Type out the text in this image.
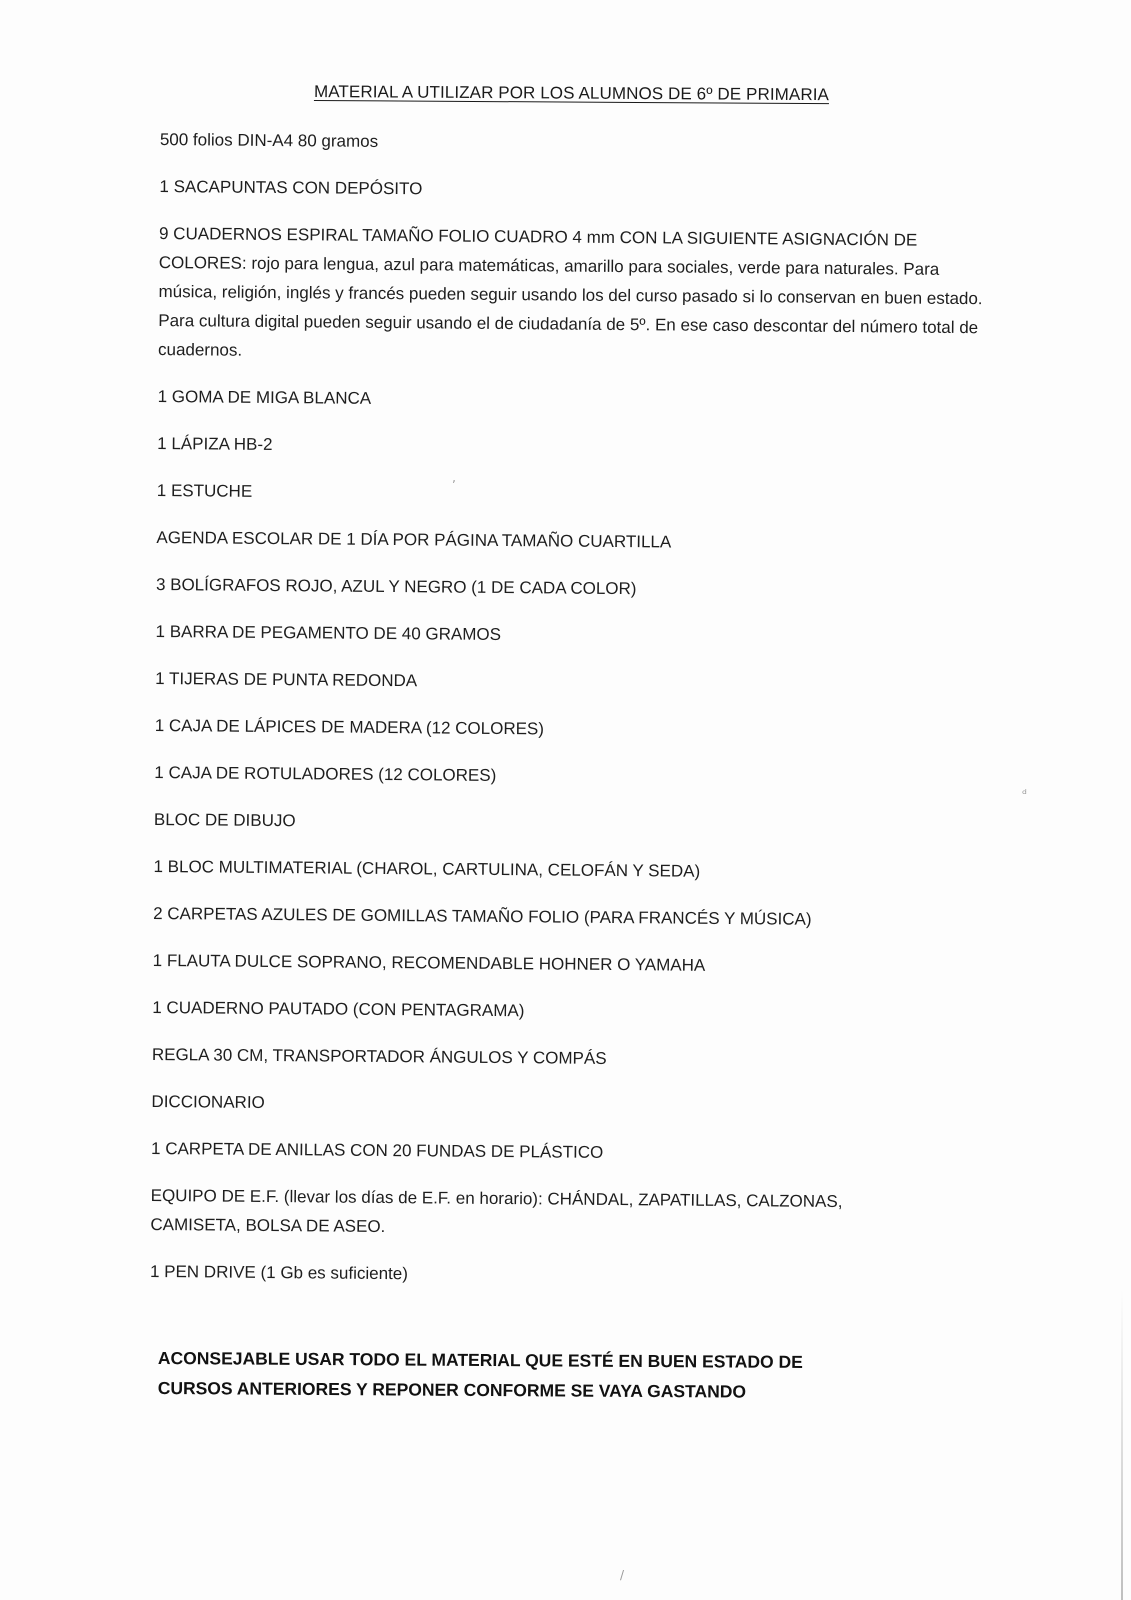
MATERIAL A UTILIZAR POR LOS ALUMNOS DE 6º DE PRIMARIA
500 folios DIN-A4 80 gramos
1 SACAPUNTAS CON DEPÓSITO
9 CUADERNOS ESPIRAL TAMAÑO FOLIO CUADRO 4 mm CON LA SIGUIENTE ASIGNACIÓN DE COLORES: rojo para lengua, azul para matemáticas, amarillo para sociales, verde para naturales. Para música, religión, inglés y francés pueden seguir usando los del curso pasado si lo conservan en buen estado. Para cultura digital pueden seguir usando el de ciudadanía de 5º. En ese caso descontar del número total de cuadernos.
1 GOMA DE MIGA BLANCA
1 LÁPIZA HB-2
1 ESTUCHE
AGENDA ESCOLAR DE 1 DÍA POR PÁGINA TAMAÑO CUARTILLA
3 BOLÍGRAFOS ROJO, AZUL Y NEGRO (1 DE CADA COLOR)
1 BARRA DE PEGAMENTO DE 40 GRAMOS
1 TIJERAS DE PUNTA REDONDA
1 CAJA DE LÁPICES DE MADERA (12 COLORES)
1 CAJA DE ROTULADORES (12 COLORES)
BLOC DE DIBUJO
1 BLOC MULTIMATERIAL (CHAROL, CARTULINA, CELOFÁN Y SEDA)
2 CARPETAS AZULES DE GOMILLAS TAMAÑO FOLIO (PARA FRANCÉS Y MÚSICA)
1 FLAUTA DULCE SOPRANO, RECOMENDABLE HOHNER O YAMAHA
1 CUADERNO PAUTADO (CON PENTAGRAMA)
REGLA 30 CM, TRANSPORTADOR ÁNGULOS Y COMPÁS
DICCIONARIO
1 CARPETA DE ANILLAS CON 20 FUNDAS DE PLÁSTICO
EQUIPO DE E.F. (llevar los días de E.F. en horario): CHÁNDAL, ZAPATILLAS, CALZONAS, CAMISETA, BOLSA DE ASEO.
1 PEN DRIVE (1 Gb es suficiente)
ACONSEJABLE USAR TODO EL MATERIAL QUE ESTÉ EN BUEN ESTADO DE CURSOS ANTERIORES Y REPONER CONFORME SE VAYA GASTANDO
ʼ
ᵈ
/
